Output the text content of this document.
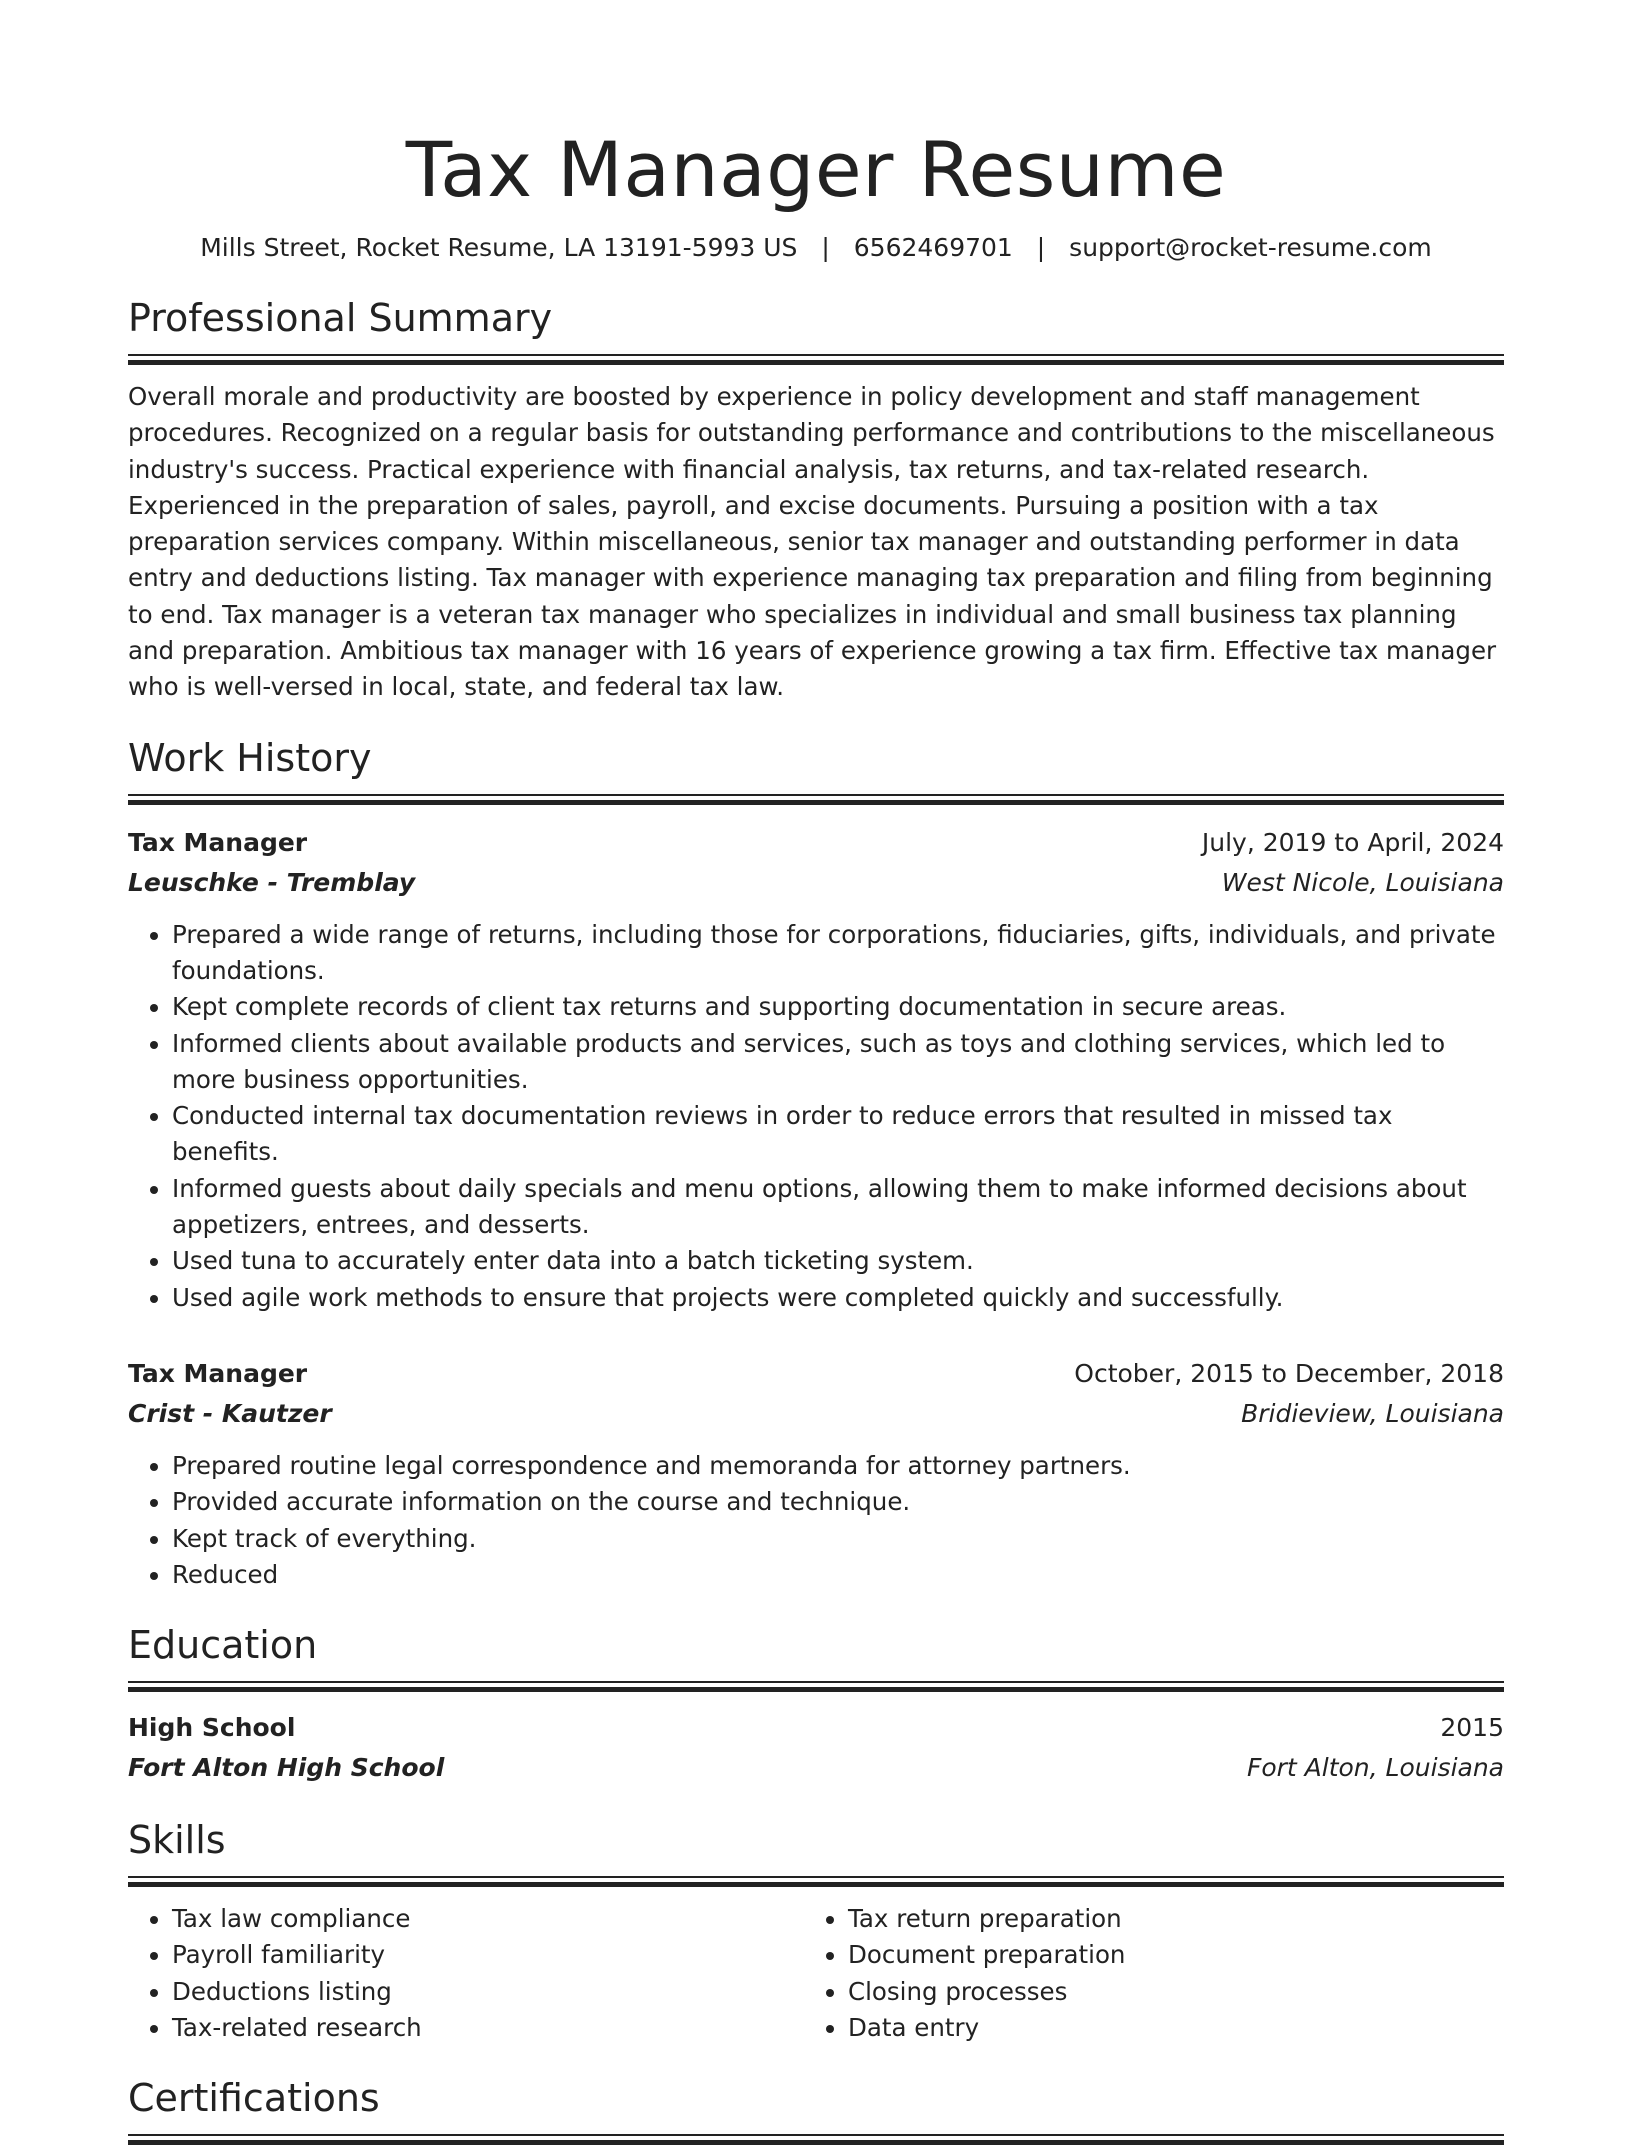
Tax Manager Resume
Mills Street, Rocket Resume, LA 13191-5993 US | 6562469701 | support@rocket-resume.com
Professional Summary
Overall morale and productivity are boosted by experience in policy development and staff management procedures. Recognized on a regular basis for outstanding performance and contributions to the miscellaneous industry's success. Practical experience with financial analysis, tax returns, and tax-related research. Experienced in the preparation of sales, payroll, and excise documents. Pursuing a position with a tax preparation services company. Within miscellaneous, senior tax manager and outstanding performer in data entry and deductions listing. Tax manager with experience managing tax preparation and filing from beginning to end. Tax manager is a veteran tax manager who specializes in individual and small business tax planning and preparation. Ambitious tax manager with 16 years of experience growing a tax firm. Effective tax manager who is well-versed in local, state, and federal tax law.
Work History
Tax Manager	July, 2019 to April, 2024
Leuschke - Tremblay	West Nicole, Louisiana
• Prepared a wide range of returns, including those for corporations, fiduciaries, gifts, individuals, and private foundations.
• Kept complete records of client tax returns and supporting documentation in secure areas.
• Informed clients about available products and services, such as toys and clothing services, which led to more business opportunities.
• Conducted internal tax documentation reviews in order to reduce errors that resulted in missed tax benefits.
• Informed guests about daily specials and menu options, allowing them to make informed decisions about appetizers, entrees, and desserts.
• Used tuna to accurately enter data into a batch ticketing system.
• Used agile work methods to ensure that projects were completed quickly and successfully.
Tax Manager	October, 2015 to December, 2018
Crist - Kautzer	Bridieview, Louisiana
• Prepared routine legal correspondence and memoranda for attorney partners.
• Provided accurate information on the course and technique.
• Kept track of everything.
• Reduced
Education
High School	2015
Fort Alton High School	Fort Alton, Louisiana
Skills
• Tax law compliance
• Payroll familiarity
• Deductions listing
• Tax-related research
• Tax return preparation
• Document preparation
• Closing processes
• Data entry
Certifications
